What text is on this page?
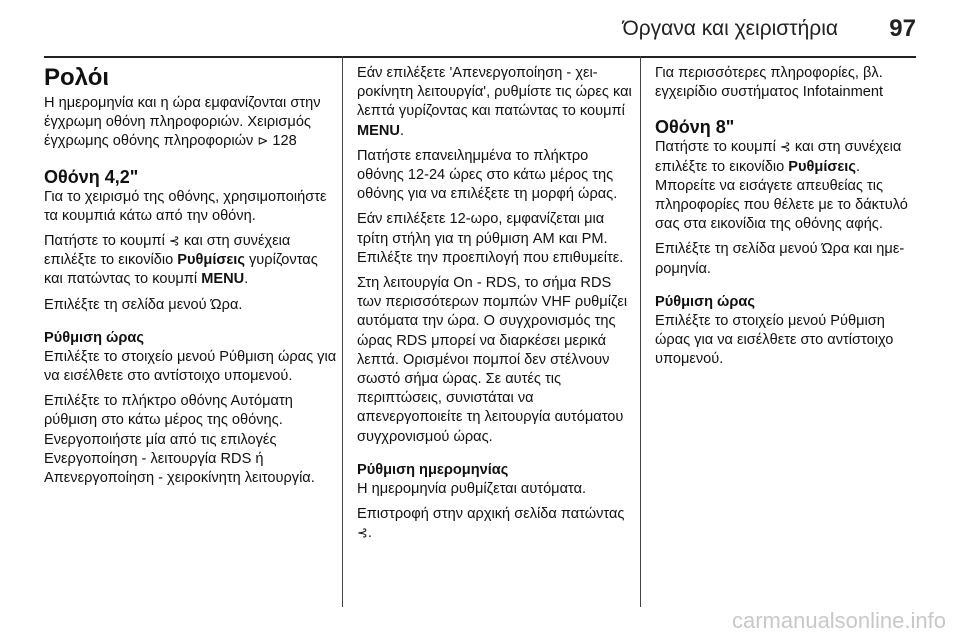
Όργανα και χειριστήρια 97
Ρολόι

Η ημερομηνία και η ώρα εμφανίζονται στην έγχρωμη οθόνη πληροφοριών. Χειρισμός έγχρωμης οθόνης πληροφοριών ⊳ 128

Οθόνη 4,2"

Για το χειρισμό της οθόνης, χρησιμοποιήστε τα κουμπιά κάτω από την οθόνη.

Πατήστε το κουμπί ⊰ και στη συνέχεια επιλέξτε το εικονίδιο Ρυθμίσεις γυρίζοντας και πατώντας το κουμπί MENU.

Επιλέξτε τη σελίδα μενού Ώρα.

Ρύθμιση ώρας

Επιλέξτε το στοιχείο μενού Ρύθμιση ώρας για να εισέλθετε στο αντίστοιχο υπομενού.

Επιλέξτε το πλήκτρο οθόνης Αυτόματη ρύθμιση στο κάτω μέρος της οθόνης. Ενεργοποιήστε μία από τις επιλογές Ενεργοποίηση - λειτουργία RDS ή Απενεργοποίηση - χειροκίνητη λειτουργία.

Εάν επιλέξετε 'Απενεργοποίηση - χειροκίνητη λειτουργία', ρυθμίστε τις ώρες και λεπτά γυρίζοντας και πατώντας το κουμπί MENU.

Πατήστε επανειλημμένα το πλήκτρο οθόνης 12-24 ώρες στο κάτω μέρος της οθόνης για να επιλέξετε τη μορφή ώρας.

Εάν επιλέξετε 12-ωρο, εμφανίζεται μια τρίτη στήλη για τη ρύθμιση AM και PM. Επιλέξτε την προεπιλογή που επιθυμείτε.

Στη λειτουργία On - RDS, το σήμα RDS των περισσότερων πομπών VHF ρυθμίζει αυτόματα την ώρα. Ο συγχρονισμός της ώρας RDS μπορεί να διαρκέσει μερικά λεπτά. Ορισμένοι πομποί δεν στέλνουν σωστό σήμα ώρας. Σε αυτές τις περιπτώσεις, συνιστάται να απενεργοποιείτε τη λειτουργία αυτόματου συγχρονισμού ώρας.

Ρύθμιση ημερομηνίας

Η ημερομηνία ρυθμίζεται αυτόματα.

Επιστροφή στην αρχική σελίδα πατώντας ⊰.

Για περισσότερες πληροφορίες, βλ. εγχειρίδιο συστήματος Infotainment

Οθόνη 8"

Πατήστε το κουμπί ⊰ και στη συνέχεια επιλέξτε το εικονίδιο Ρυθμίσεις. Μπορείτε να εισάγετε απευθείας τις πληροφορίες που θέλετε με το δάκτυλό σας στα εικονίδια της οθόνης αφής.

Επιλέξτε τη σελίδα μενού Ώρα και ημερομηνία.

Ρύθμιση ώρας

Επιλέξτε το στοιχείο μενού Ρύθμιση ώρας για να εισέλθετε στο αντίστοιχο υπομενού.

carmanualsonline.info
